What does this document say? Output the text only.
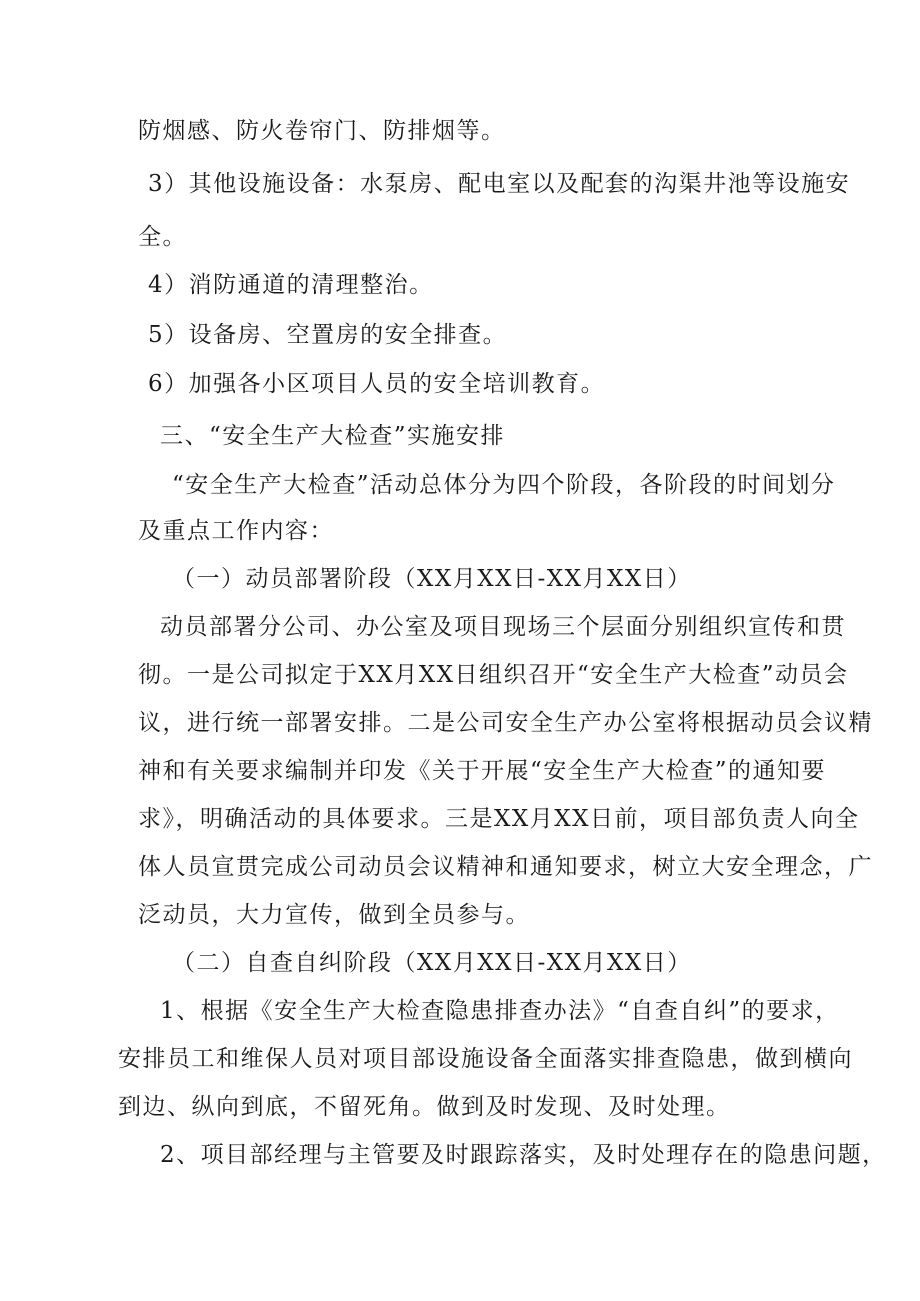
防烟感、防火卷帘门、防排烟等。
3）其他设施设备：水泵房、配电室以及配套的沟渠井池等设施安
全。
4）消防通道的清理整治。
5）设备房、空置房的安全排查。
6）加强各小区项目人员的安全培训教育。
三、“安全生产大检查”实施安排
“安全生产大检查”活动总体分为四个阶段，各阶段的时间划分
及重点工作内容：
（一）动员部署阶段（XX月XX日-XX月XX日）
动员部署分公司、办公室及项目现场三个层面分别组织宣传和贯
彻。一是公司拟定于XX月XX日组织召开“安全生产大检查”动员会
议，进行统一部署安排。二是公司安全生产办公室将根据动员会议精
神和有关要求编制并印发《关于开展“安全生产大检查”的通知要
求》，明确活动的具体要求。三是XX月XX日前，项目部负责人向全
体人员宣贯完成公司动员会议精神和通知要求，树立大安全理念，广
泛动员，大力宣传，做到全员参与。
（二）自查自纠阶段（XX月XX日-XX月XX日）
1、根据《安全生产大检查隐患排查办法》“自查自纠”的要求，
安排员工和维保人员对项目部设施设备全面落实排查隐患，做到横向
到边、纵向到底，不留死角。做到及时发现、及时处理。
2、项目部经理与主管要及时跟踪落实，及时处理存在的隐患问题，
